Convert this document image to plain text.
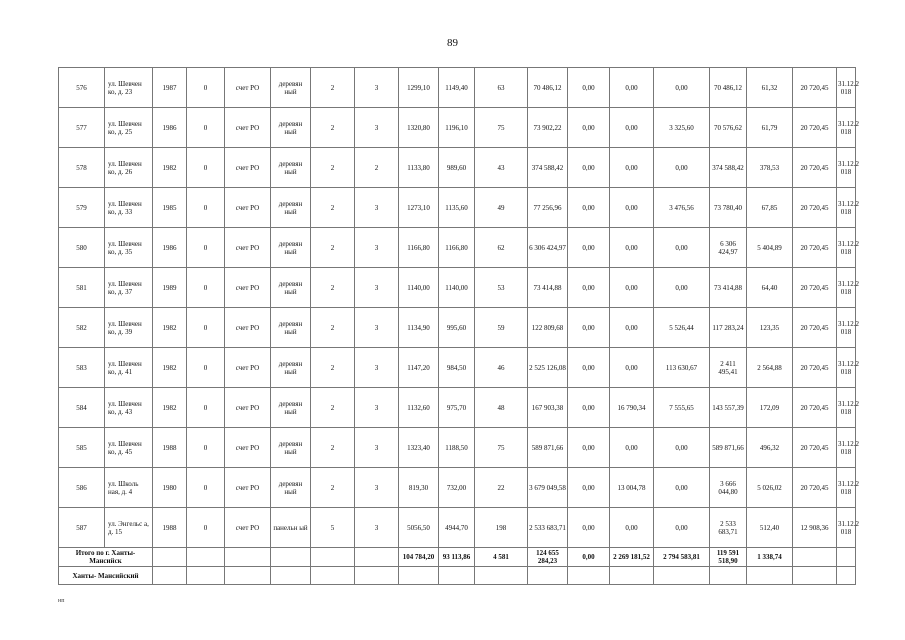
89
576	ул. Шевчен ко, д. 23	1987	0	счет РО	деревян ный	2	3	1299,10	1149,40	63	70 486,12	0,00	0,00	0,00	70 486,12	61,32	20 720,45	31.12.2 018
577	ул. Шевчен ко, д. 25	1986	0	счет РО	деревян ный	2	3	1320,80	1196,10	75	73 902,22	0,00	0,00	3 325,60	70 576,62	61,79	20 720,45	31.12.2 018
578	ул. Шевчен ко, д. 26	1982	0	счет РО	деревян ный	2	2	1133,80	989,60	43	374 588,42	0,00	0,00	0,00	374 588,42	378,53	20 720,45	31.12.2 018
579	ул. Шевчен ко, д. 33	1985	0	счет РО	деревян ный	2	3	1273,10	1135,60	49	77 256,96	0,00	0,00	3 476,56	73 780,40	67,85	20 720,45	31.12.2 018
580	ул. Шевчен ко, д. 35	1986	0	счет РО	деревян ный	2	3	1166,80	1166,80	62	6 306 424,97	0,00	0,00	0,00	6 306 424,97	5 404,89	20 720,45	31.12.2 018
581	ул. Шевчен ко, д. 37	1989	0	счет РО	деревян ный	2	3	1140,00	1140,00	53	73 414,88	0,00	0,00	0,00	73 414,88	64,40	20 720,45	31.12.2 018
582	ул. Шевчен ко, д. 39	1982	0	счет РО	деревян ный	2	3	1134,90	995,60	59	122 809,68	0,00	0,00	5 526,44	117 283,24	123,35	20 720,45	31.12.2 018
583	ул. Шевчен ко, д. 41	1982	0	счет РО	деревян ный	2	3	1147,20	984,50	46	2 525 126,08	0,00	0,00	113 630,67	2 411 495,41	2 564,88	20 720,45	31.12.2 018
584	ул. Шевчен ко, д. 43	1982	0	счет РО	деревян ный	2	3	1132,60	975,70	48	167 903,38	0,00	16 790,34	7 555,65	143 557,39	172,09	20 720,45	31.12.2 018
585	ул. Шевчен ко, д. 45	1988	0	счет РО	деревян ный	2	3	1323,40	1188,50	75	589 871,66	0,00	0,00	0,00	589 871,66	496,32	20 720,45	31.12.2 018
586	ул. Школь ная, д. 4	1980	0	счет РО	деревян ный	2	3	819,30	732,00	22	3 679 049,58	0,00	13 004,78	0,00	3 666 044,80	5 026,02	20 720,45	31.12.2 018
587	ул. Энгельс а, д. 15	1988	0	счет РО	панельн ый	5	3	5056,50	4944,70	198	2 533 683,71	0,00	0,00	0,00	2 533 683,71	512,40	12 908,36	31.12.2 018
Итого по г. Ханты-Мансийск								104 784,20	93 113,86	4 581	124 655 284,23	0,00	2 269 181,52	2 794 583,81	119 591 518,90	1 338,74		
Ханты- Мансийский																		
нп
